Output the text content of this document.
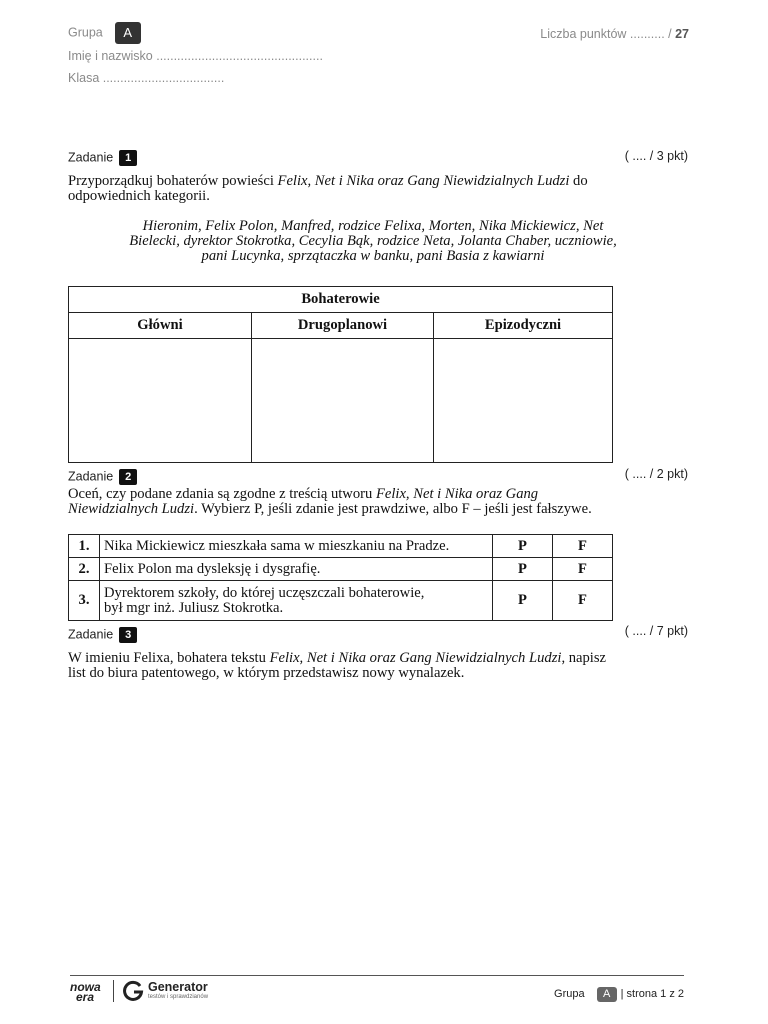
Grupa A
Imię i nazwisko ................................................
Klasa ...................................
Liczba punktów .......... / 27
Zadanie 1	( .... / 3 pkt)
Przyporządkuj bohaterów powieści Felix, Net i Nika oraz Gang Niewidzialnych Ludzi do odpowiednich kategorii.
Hieronim, Felix Polon, Manfred, rodzice Felixa, Morten, Nika Mickiewicz, Net
Bielecki, dyrektor Stokrotka, Cecylia Bąk, rodzice Neta, Jolanta Chaber, uczniowie,
pani Lucynka, sprzątaczka w banku, pani Basia z kawiarni
Bohaterowie		
Główni	Drugoplanowi	Epizodyczni

Zadanie 2	( .... / 2 pkt)
Oceń, czy podane zdania są zgodne z treścią utworu Felix, Net i Nika oraz Gang Niewidzialnych Ludzi. Wybierz P, jeśli zdanie jest prawdziwe, albo F – jeśli jest fałszywe.
1.	Nika Mickiewicz mieszkała sama w mieszkaniu na Pradze.	P	F
2.	Felix Polon ma dysleksję i dysgrafię.	P	F
3.	Dyrektorem szkoły, do której uczęszczali bohaterowie,
był mgr inż. Juliusz Stokrotka.	P	F
Zadanie 3	( .... / 7 pkt)
W imieniu Felixa, bohatera tekstu Felix, Net i Nika oraz Gang Niewidzialnych Ludzi, napisz list do biura patentowego, w którym przedstawisz nowy wynalazek.
nowa
era
Generator
testów i sprawdzianów	Grupa A | strona 1 z 2
